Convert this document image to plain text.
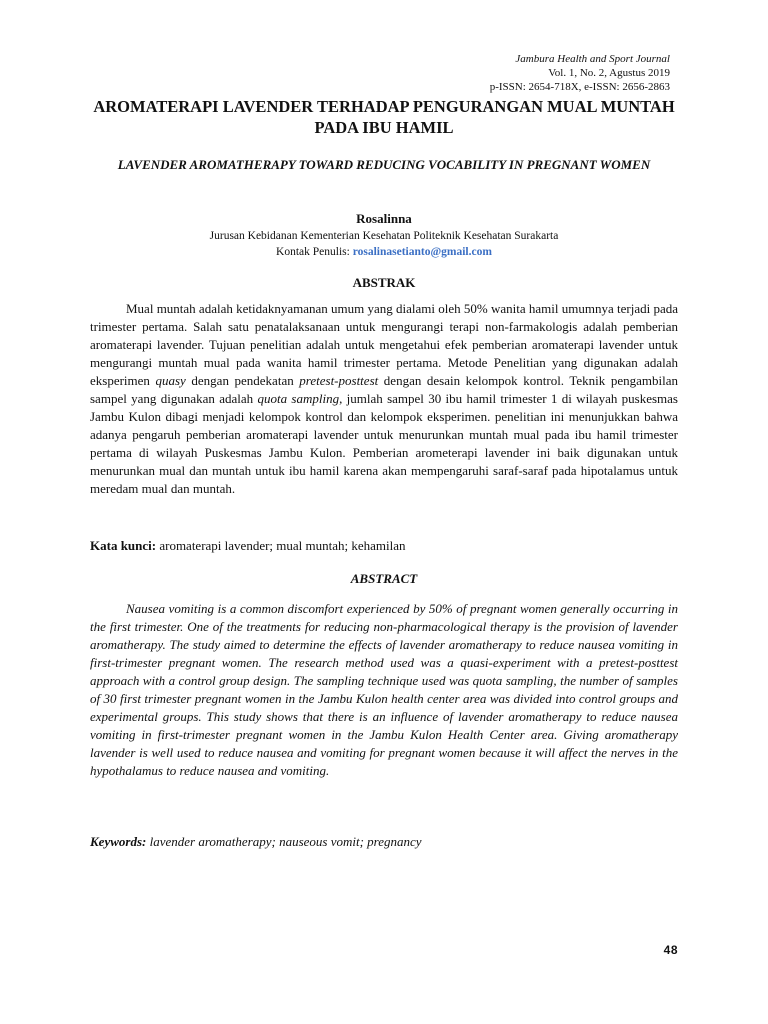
Jambura Health and Sport Journal
Vol. 1, No. 2, Agustus 2019
p-ISSN: 2654-718X, e-ISSN: 2656-2863
AROMATERAPI LAVENDER TERHADAP PENGURANGAN MUAL MUNTAH PADA IBU HAMIL
LAVENDER AROMATHERAPY TOWARD REDUCING VOCABILITY IN PREGNANT WOMEN
Rosalinna
Jurusan Kebidanan Kementerian Kesehatan Politeknik Kesehatan Surakarta
Kontak Penulis: rosalinasetianto@gmail.com
ABSTRAK

Mual muntah adalah ketidaknyamanan umum yang dialami oleh 50% wanita hamil umumnya terjadi pada trimester pertama. Salah satu penatalaksanaan untuk mengurangi terapi non-farmakologis adalah pemberian aromaterapi lavender. Tujuan penelitian adalah untuk mengetahui efek pemberian aromaterapi lavender untuk mengurangi muntah mual pada wanita hamil trimester pertama. Metode Penelitian yang digunakan adalah eksperimen quasy dengan pendekatan pretest-posttest dengan desain kelompok kontrol. Teknik pengambilan sampel yang digunakan adalah quota sampling, jumlah sampel 30 ibu hamil trimester 1 di wilayah puskesmas Jambu Kulon dibagi menjadi kelompok kontrol dan kelompok eksperimen. penelitian ini menunjukkan bahwa adanya pengaruh pemberian aromaterapi lavender untuk menurunkan muntah mual pada ibu hamil trimester pertama di wilayah Puskesmas Jambu Kulon. Pemberian arometerapi lavender ini baik digunakan untuk menurunkan mual dan muntah untuk ibu hamil karena akan mempengaruhi saraf-saraf pada hipotalamus untuk meredam mual dan muntah.

Kata kunci: aromaterapi lavender; mual muntah; kehamilan
ABSTRACT

Nausea vomiting is a common discomfort experienced by 50% of pregnant women generally occurring in the first trimester. One of the treatments for reducing non-pharmacological therapy is the provision of lavender aromatherapy. The study aimed to determine the effects of lavender aromatherapy to reduce nausea vomiting in first-trimester pregnant women. The research method used was a quasi-experiment with a pretest-posttest approach with a control group design. The sampling technique used was quota sampling, the number of samples of 30 first trimester pregnant women in the Jambu Kulon health center area was divided into control groups and experimental groups. This study shows that there is an influence of lavender aromatherapy to reduce nausea vomiting in first-trimester pregnant women in the Jambu Kulon Health Center area. Giving aromatherapy lavender is well used to reduce nausea and vomiting for pregnant women because it will affect the nerves in the hypothalamus to reduce nausea and vomiting.

Keywords: lavender aromatherapy; nauseous vomit; pregnancy
48
